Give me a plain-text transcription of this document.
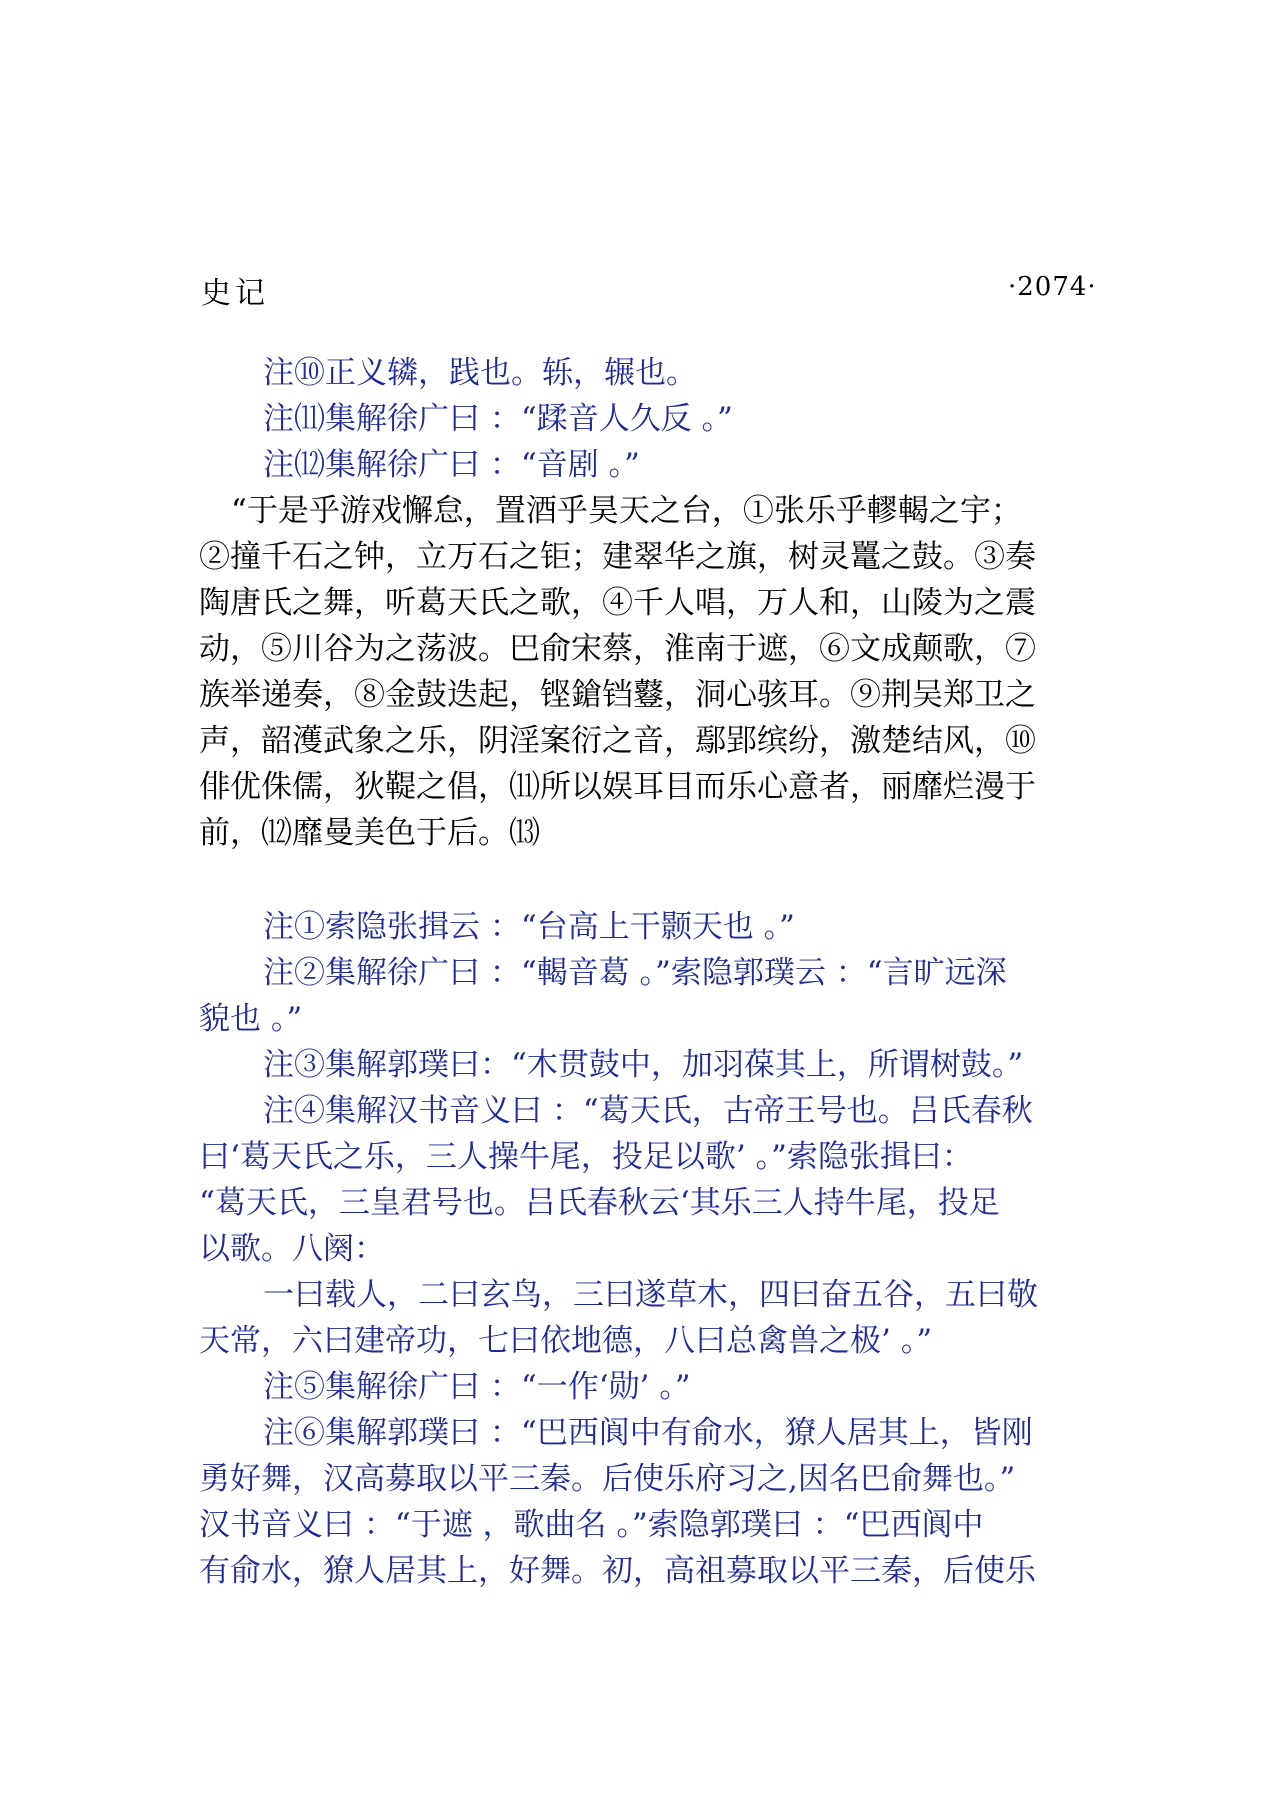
史记	·2074·

注⑩正义辚，践也。轹，辗也。

注⑾集解徐广曰 ：“蹂音人久反 。”

注⑿集解徐广曰 ：“音剧 。”

“于是乎游戏懈怠，置酒乎昊天之台，①张乐乎轇輵之宇；

②撞千石之钟，立万石之钜；建翠华之旗，树灵鼍之鼓。③奏

陶唐氏之舞，听葛天氏之歌，④千人唱，万人和，山陵为之震

动，⑤川谷为之荡波。巴俞宋蔡，淮南于遮，⑥文成颠歌，⑦

族举递奏，⑧金鼓迭起，铿鎗铛鼟，洞心骇耳。⑨荆吴郑卫之

声，韶濩武象之乐，阴淫案衍之音，鄢郢缤纷，激楚结风，⑩

俳优侏儒，狄鞮之倡，⑾所以娱耳目而乐心意者，丽靡烂漫于

前，⑿靡曼美色于后。⒀

注①索隐张揖云 ：“台高上干颢天也 。”

注②集解徐广曰 ：“輵音葛 。”索隐郭璞云 ：“言旷远深

貌也 。”

注③集解郭璞曰：“木贯鼓中，加羽葆其上，所谓树鼓。”

注④集解汉书音义曰 ：“葛天氏，古帝王号也。吕氏春秋

曰‘葛天氏之乐，三人操牛尾，投足以歌’ 。”索隐张揖曰：

“葛天氏，三皇君号也。吕氏春秋云‘其乐三人持牛尾，投足

以歌。八阕：

一曰载人，二曰玄鸟，三曰遂草木，四曰奋五谷，五曰敬

天常，六曰建帝功，七曰依地德，八曰总禽兽之极’ 。”

注⑤集解徐广曰 ：“一作‘勋’ 。”

注⑥集解郭璞曰 ：“巴西阆中有俞水，獠人居其上，皆刚

勇好舞，汉高募取以平三秦。后使乐府习之,因名巴俞舞也。”

汉书音义曰 ：“于遮 ，歌曲名 。”索隐郭璞曰 ：“巴西阆中

有俞水，獠人居其上，好舞。初，高祖募取以平三秦，后使乐
